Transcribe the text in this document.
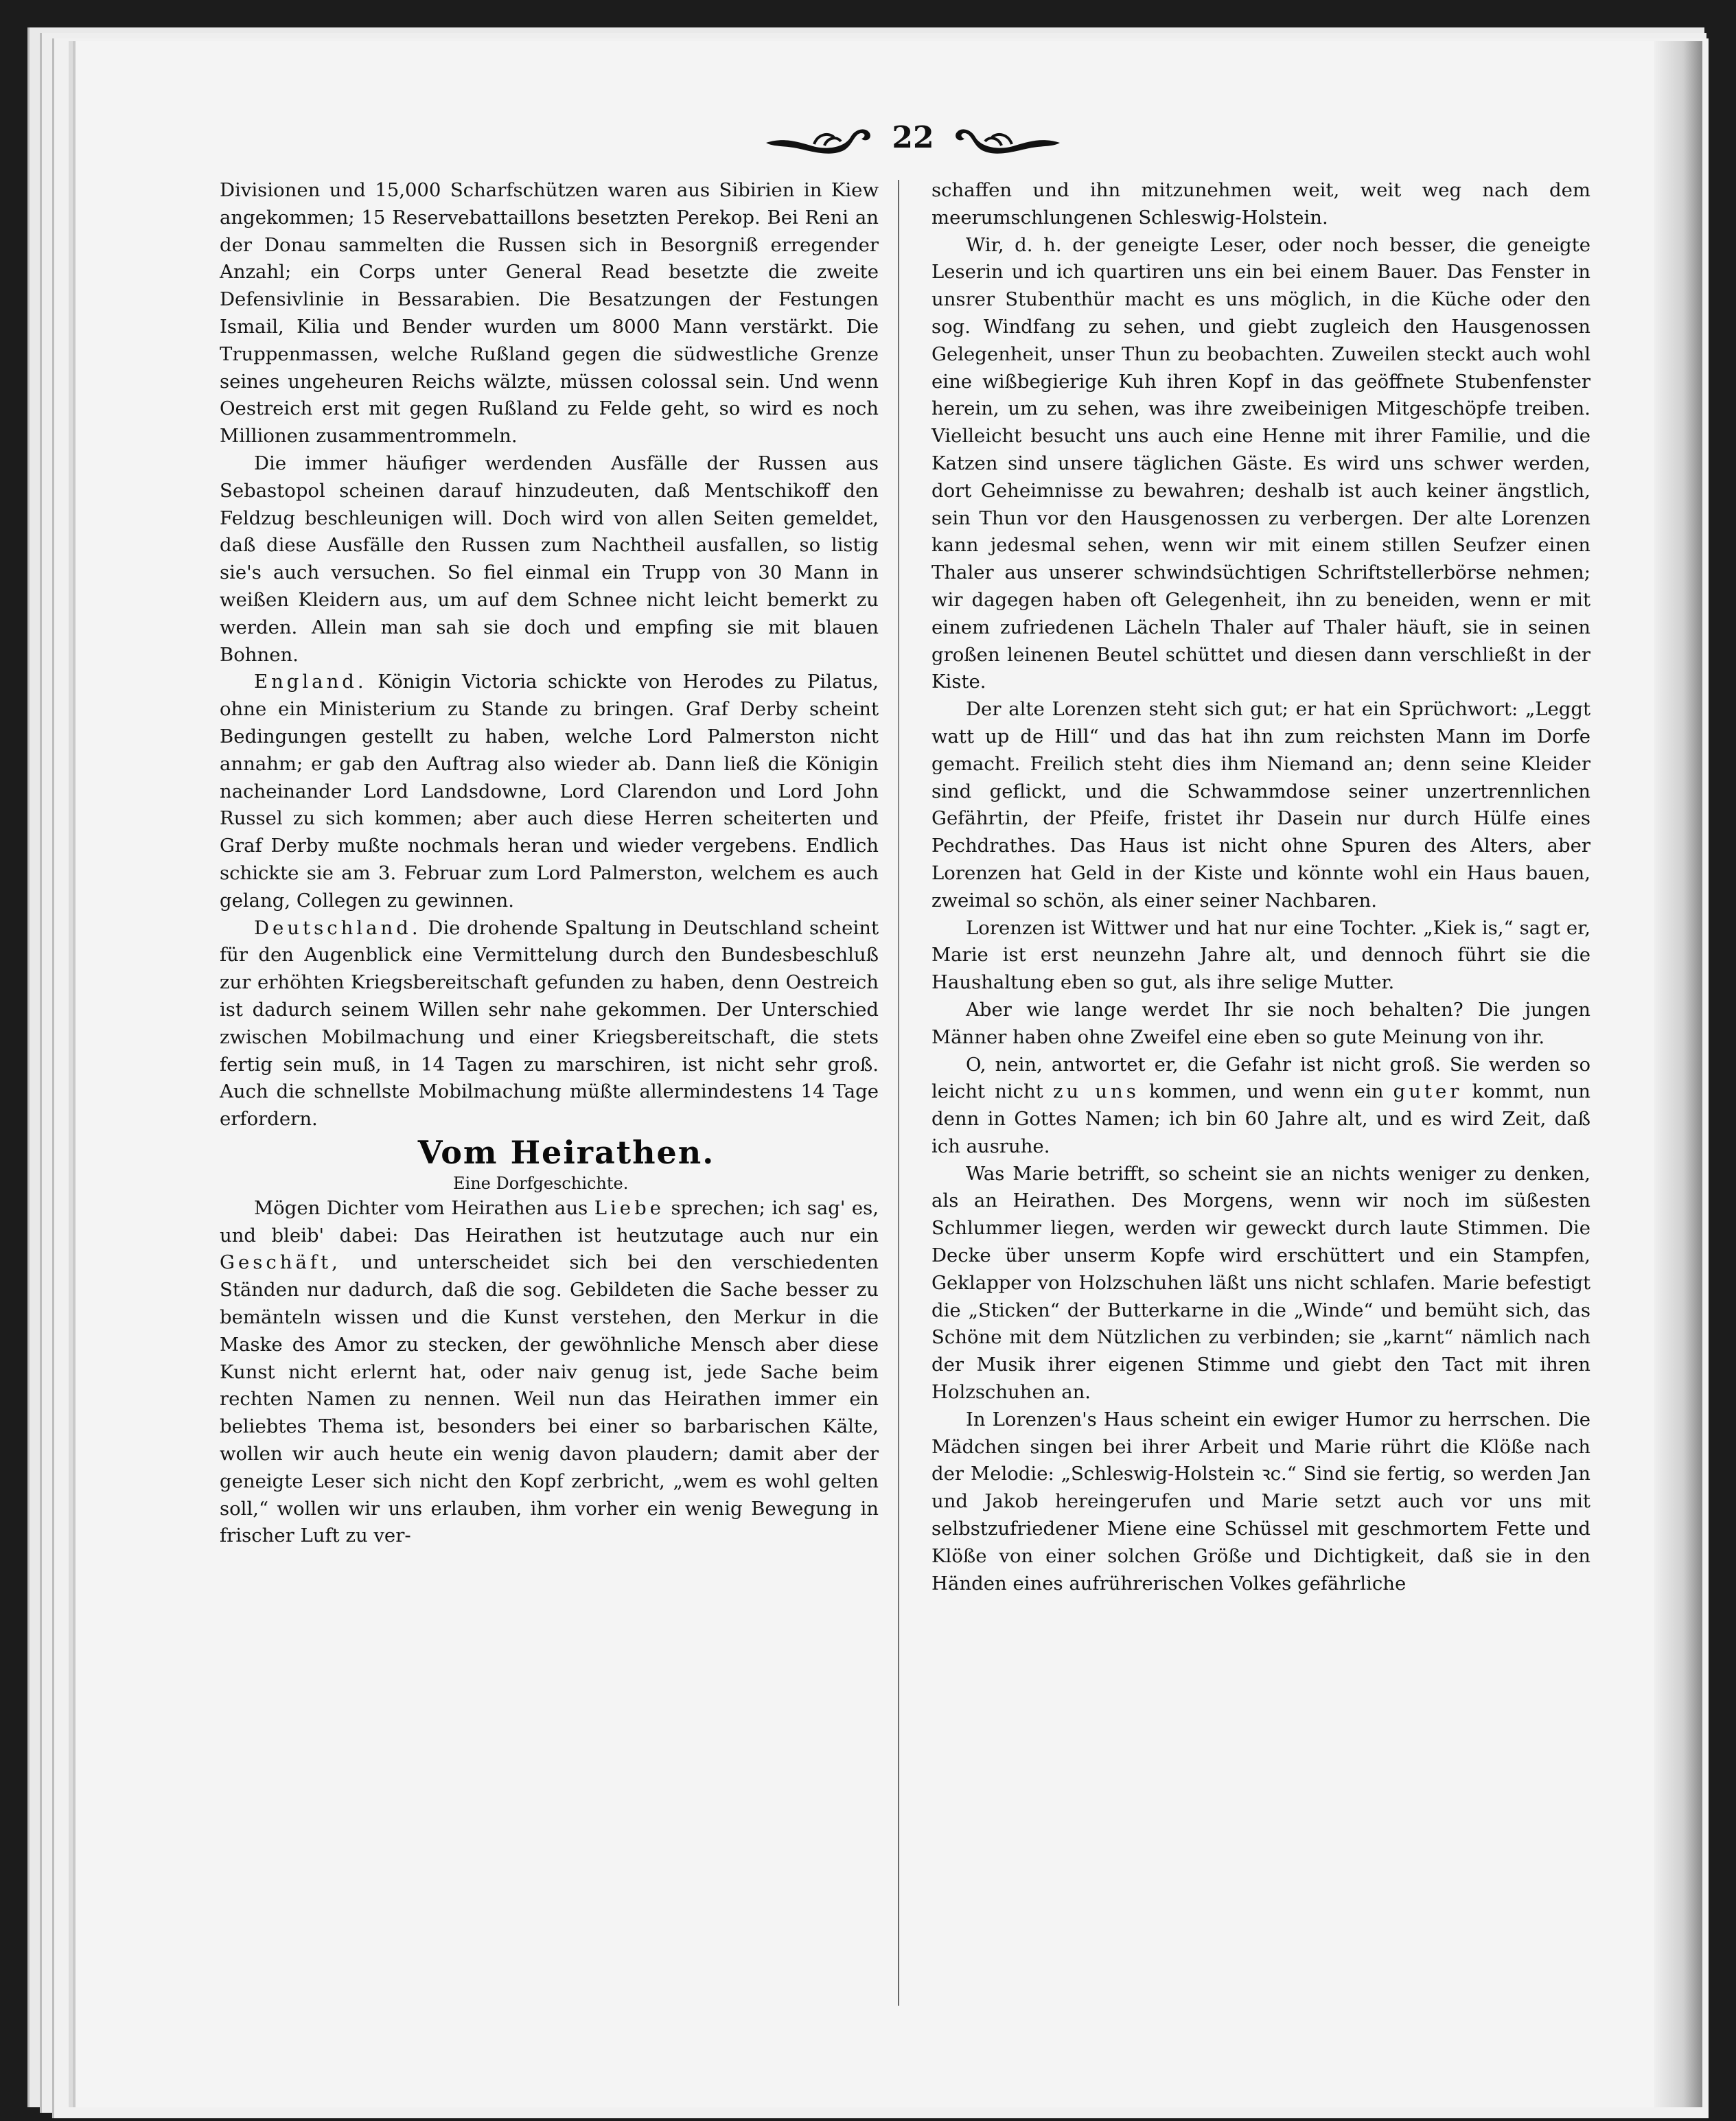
22

Divisionen und 15,000 Scharfschützen waren aus Sibirien in Kiew angekommen; 15 Reservebattaillons besetzten Perekop. Bei Reni an der Donau sammelten die Russen sich in Besorgniß erregender Anzahl; ein Corps unter General Read besetzte die zweite Defensivlinie in Bessarabien. Die Besatzungen der Festungen Ismail, Kilia und Bender wurden um 8000 Mann verstärkt. Die Truppenmassen, welche Rußland gegen die südwestliche Grenze seines ungeheuren Reichs wälzte, müssen colossal sein. Und wenn Oestreich erst mit gegen Rußland zu Felde geht, so wird es noch Millionen zusammentrommeln.

Die immer häufiger werdenden Ausfälle der Russen aus Sebastopol scheinen darauf hinzudeuten, daß Mentschikoff den Feldzug beschleunigen will. Doch wird von allen Seiten gemeldet, daß diese Ausfälle den Russen zum Nachtheil ausfallen, so listig sie's auch versuchen. So fiel einmal ein Trupp von 30 Mann in weißen Kleidern aus, um auf dem Schnee nicht leicht bemerkt zu werden. Allein man sah sie doch und empfing sie mit blauen Bohnen.

England. Königin Victoria schickte von Herodes zu Pilatus, ohne ein Ministerium zu Stande zu bringen. Graf Derby scheint Bedingungen gestellt zu haben, welche Lord Palmerston nicht annahm; er gab den Auftrag also wieder ab. Dann ließ die Königin nacheinander Lord Landsdowne, Lord Clarendon und Lord John Russel zu sich kommen; aber auch diese Herren scheiterten und Graf Derby mußte nochmals heran und wieder vergebens. Endlich schickte sie am 3. Februar zum Lord Palmerston, welchem es auch gelang, Collegen zu gewinnen.

Deutschland. Die drohende Spaltung in Deutschland scheint für den Augenblick eine Vermittelung durch den Bundesbeschluß zur erhöhten Kriegsbereitschaft gefunden zu haben, denn Oestreich ist dadurch seinem Willen sehr nahe gekommen. Der Unterschied zwischen Mobilmachung und einer Kriegsbereitschaft, die stets fertig sein muß, in 14 Tagen zu marschiren, ist nicht sehr groß. Auch die schnellste Mobilmachung müßte allermindestens 14 Tage erfordern.

Vom Heirathen.

Eine Dorfgeschichte.

Mögen Dichter vom Heirathen aus Liebe sprechen; ich sag' es, und bleib' dabei: Das Heirathen ist heutzutage auch nur ein Geschäft, und unterscheidet sich bei den verschiedenten Ständen nur dadurch, daß die sog. Gebildeten die Sache besser zu bemänteln wissen und die Kunst verstehen, den Merkur in die Maske des Amor zu stecken, der gewöhnliche Mensch aber diese Kunst nicht erlernt hat, oder naiv genug ist, jede Sache beim rechten Namen zu nennen. Weil nun das Heirathen immer ein beliebtes Thema ist, besonders bei einer so barbarischen Kälte, wollen wir auch heute ein wenig davon plaudern; damit aber der geneigte Leser sich nicht den Kopf zerbricht, „wem es wohl gelten soll,“ wollen wir uns erlauben, ihm vorher ein wenig Bewegung in frischer Luft zu ver-

schaffen und ihn mitzunehmen weit, weit weg nach dem meerumschlungenen Schleswig-Holstein.

Wir, d. h. der geneigte Leser, oder noch besser, die geneigte Leserin und ich quartiren uns ein bei einem Bauer. Das Fenster in unsrer Stubenthür macht es uns möglich, in die Küche oder den sog. Windfang zu sehen, und giebt zugleich den Hausgenossen Gelegenheit, unser Thun zu beobachten. Zuweilen steckt auch wohl eine wißbegierige Kuh ihren Kopf in das geöffnete Stubenfenster herein, um zu sehen, was ihre zweibeinigen Mitgeschöpfe treiben. Vielleicht besucht uns auch eine Henne mit ihrer Familie, und die Katzen sind unsere täglichen Gäste. Es wird uns schwer werden, dort Geheimnisse zu bewahren; deshalb ist auch keiner ängstlich, sein Thun vor den Hausgenossen zu verbergen. Der alte Lorenzen kann jedesmal sehen, wenn wir mit einem stillen Seufzer einen Thaler aus unserer schwindsüchtigen Schriftstellerbörse nehmen; wir dagegen haben oft Gelegenheit, ihn zu beneiden, wenn er mit einem zufriedenen Lächeln Thaler auf Thaler häuft, sie in seinen großen leinenen Beutel schüttet und diesen dann verschließt in der Kiste.

Der alte Lorenzen steht sich gut; er hat ein Sprüchwort: „Leggt watt up de Hill“ und das hat ihn zum reichsten Mann im Dorfe gemacht. Freilich steht dies ihm Niemand an; denn seine Kleider sind geflickt, und die Schwammdose seiner unzertrennlichen Gefährtin, der Pfeife, fristet ihr Dasein nur durch Hülfe eines Pechdrathes. Das Haus ist nicht ohne Spuren des Alters, aber Lorenzen hat Geld in der Kiste und könnte wohl ein Haus bauen, zweimal so schön, als einer seiner Nachbaren.

Lorenzen ist Wittwer und hat nur eine Tochter. „Kiek is,“ sagt er, Marie ist erst neunzehn Jahre alt, und dennoch führt sie die Haushaltung eben so gut, als ihre selige Mutter.

Aber wie lange werdet Ihr sie noch behalten? Die jungen Männer haben ohne Zweifel eine eben so gute Meinung von ihr.

O, nein, antwortet er, die Gefahr ist nicht groß. Sie werden so leicht nicht zu uns kommen, und wenn ein guter kommt, nun denn in Gottes Namen; ich bin 60 Jahre alt, und es wird Zeit, daß ich ausruhe.

Was Marie betrifft, so scheint sie an nichts weniger zu denken, als an Heirathen. Des Morgens, wenn wir noch im süßesten Schlummer liegen, werden wir geweckt durch laute Stimmen. Die Decke über unserm Kopfe wird erschüttert und ein Stampfen, Geklapper von Holzschuhen läßt uns nicht schlafen. Marie befestigt die „Sticken“ der Butterkarne in die „Winde“ und bemüht sich, das Schöne mit dem Nützlichen zu verbinden; sie „karnt“ nämlich nach der Musik ihrer eigenen Stimme und giebt den Tact mit ihren Holzschuhen an.

In Lorenzen's Haus scheint ein ewiger Humor zu herrschen. Die Mädchen singen bei ihrer Arbeit und Marie rührt die Klöße nach der Melodie: „Schleswig-Holstein ꝛc.“ Sind sie fertig, so werden Jan und Jakob hereingerufen und Marie setzt auch vor uns mit selbstzufriedener Miene eine Schüssel mit geschmortem Fette und Klöße von einer solchen Größe und Dichtigkeit, daß sie in den Händen eines aufrührerischen Volkes gefährliche
